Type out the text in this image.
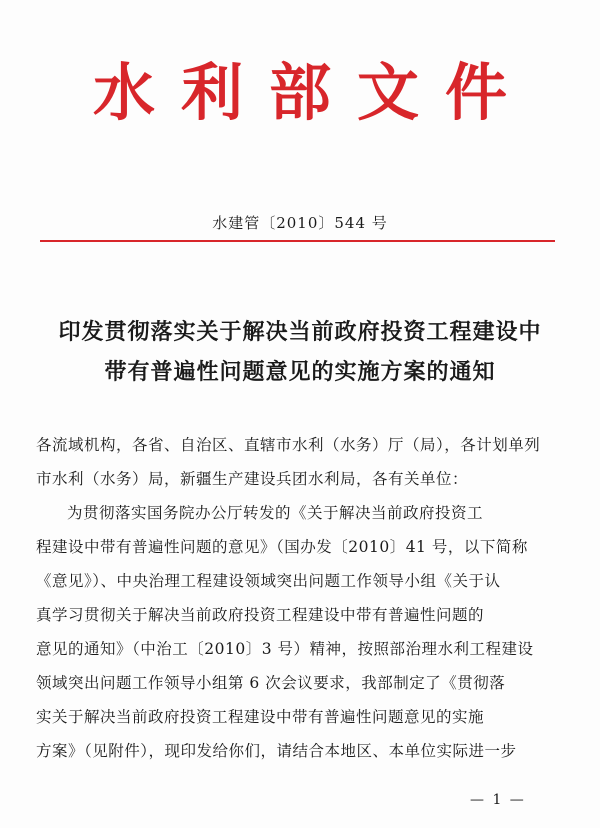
水利部文件
水建管〔2010〕544 号
印发贯彻落实关于解决当前政府投资工程建设中
带有普遍性问题意见的实施方案的通知
各流域机构，各省、自治区、直辖市水利（水务）厅（局），各计划单列
市水利（水务）局，新疆生产建设兵团水利局，各有关单位：
为贯彻落实国务院办公厅转发的《关于解决当前政府投资工
程建设中带有普遍性问题的意见》（国办发〔2010〕41 号，以下简称
《意见》）、中央治理工程建设领域突出问题工作领导小组《关于认
真学习贯彻关于解决当前政府投资工程建设中带有普遍性问题的
意见的通知》（中治工〔2010〕3 号）精神，按照部治理水利工程建设
领域突出问题工作领导小组第 6 次会议要求，我部制定了《贯彻落
实关于解决当前政府投资工程建设中带有普遍性问题意见的实施
方案》（见附件），现印发给你们，请结合本地区、本单位实际进一步
— 1 —
